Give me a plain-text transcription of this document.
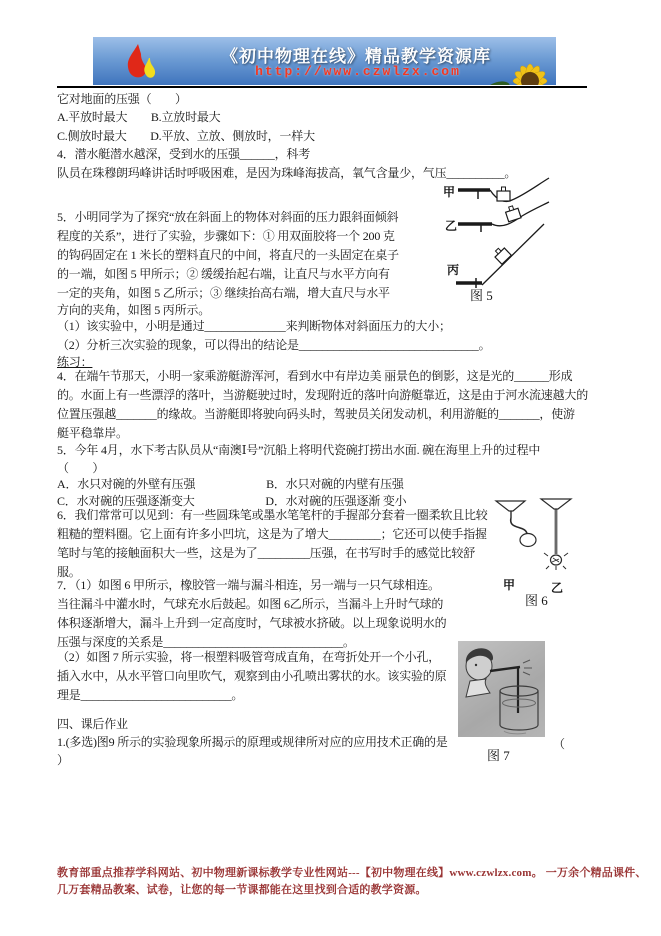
《初中物理在线》精品教学资源库
http://www.czwlzx.com
它对地面的压强（　　）
A.平放时最大　　B.立放时最大
C.侧放时最大　　D.平放、立放、侧放时，一样大
4．潜水艇潜水越深，受到水的压强______，科考
队员在珠穆朗玛峰讲话时呼吸困难，是因为珠峰海拔高，氧气含量少，气压__________。
5．小明同学为了探究“放在斜面上的物体对斜面的压力跟斜面倾斜
程度的关系”，进行了实验，步骤如下：① 用双面胶将一个 200 克
的钩码固定在 1 米长的塑料直尺的中间，将直尺的一头固定在桌子
的一端，如图 5 甲所示；② 缓缓抬起右端，让直尺与水平方向有
一定的夹角，如图 5 乙所示；③ 继续抬高右端，增大直尺与水平
方向的夹角，如图 5 丙所示。
（1）该实验中，小明是通过______________来判断物体对斜面压力的大小；
（2）分析三次实验的现象，可以得出的结论是_______________________________。
练习：
4．在端午节那天，小明一家乘游艇游浑河，看到水中有岸边美 丽景色的倒影，这是光的______形成
的。水面上有一些漂浮的落叶，当游艇驶过时，发现附近的落叶向游艇靠近，这是由于河水流速越大的
位置压强越_______的缘故。当游艇即将驶向码头时，驾驶员关闭发动机，利用游艇的_______，使游
艇平稳靠岸。
5．今年 4月，水下考古队员从“南澳Ⅰ号”沉船上将明代瓷碗打捞出水面. 碗在海里上升的过程中
（　　）
A．水只对碗的外壁有压强　　　　　　B．水只对碗的内壁有压强
C．水对碗的压强逐渐变大　　　　　　D．水对碗的压强逐渐 变小
6．我们常常可以见到：有一些圆珠笔或墨水笔笔杆的手握部分套着一圈柔软且比较
粗糙的塑料圈。它上面有许多小凹坑，这是为了增大_________；它还可以使手指握
笔时与笔的接触面积大一些，这是为了_________压强，在书写时手的感觉比较舒
服。
7．（1）如图 6 甲所示，橡胶管一端与漏斗相连，另一端与一只气球相连。
当往漏斗中灌水时，气球充水后鼓起。如图 6乙所示，当漏斗上升时气球的
体积逐渐增大，漏斗上升到一定高度时，气球被水挤破。以上现象说明水的
压强与深度的关系是_______________________________。
（2）如图 7 所示实验，将一根塑料吸管弯成直角，在弯折处开一个小孔，
插入水中，从水平管口向里吹气，观察到由小孔喷出雾状的水。该实验的原
理是__________________________。
四、课后作业
1.(多选)图9 所示的实验现象所揭示的原理或规律所对应的应用技术正确的是
）
（
甲
乙
丙
图 5
甲	乙
图 6
图 7
教育部重点推荐学科网站、初中物理新课标教学专业性网站---【初中物理在线】www.czwlzx.com。 一万余个精品课件、
几万套精品教案、试卷，让您的每一节课都能在这里找到合适的教学资源。
